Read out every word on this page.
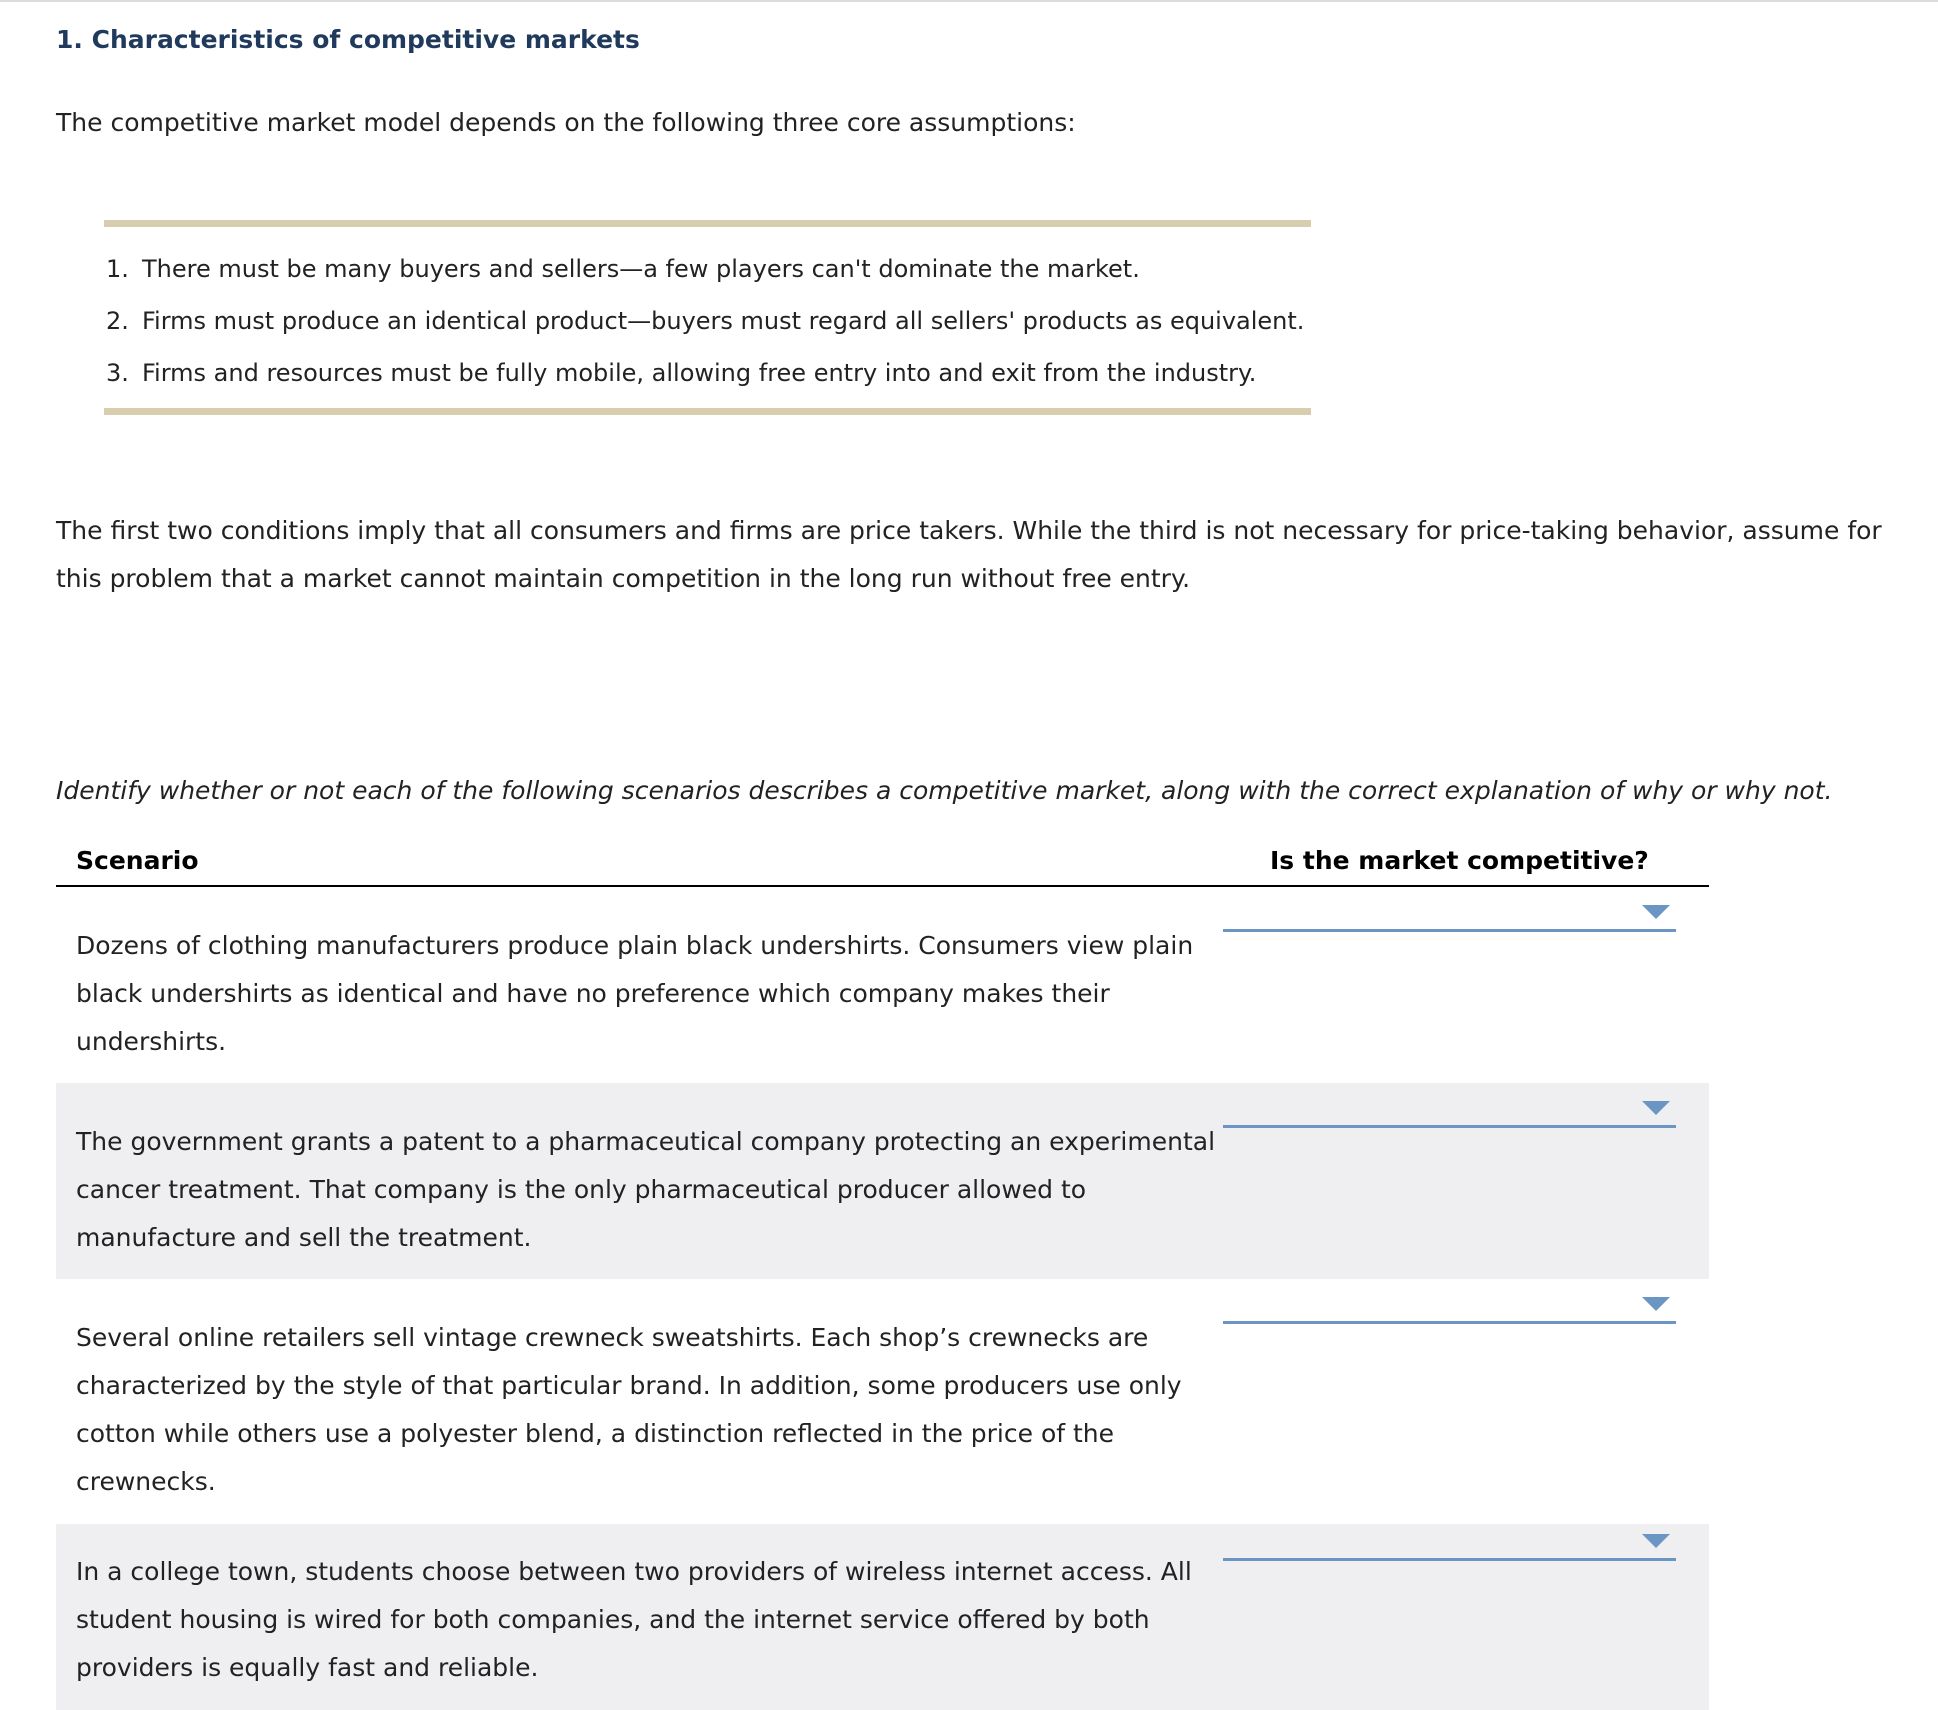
1. Characteristics of competitive markets

The competitive market model depends on the following three core assumptions:

1. There must be many buyers and sellers—a few players can't dominate the market.
2. Firms must produce an identical product—buyers must regard all sellers' products as equivalent.
3. Firms and resources must be fully mobile, allowing free entry into and exit from the industry.

The first two conditions imply that all consumers and firms are price takers. While the third is not necessary for price-taking behavior, assume for this problem that a market cannot maintain competition in the long run without free entry.

Identify whether or not each of the following scenarios describes a competitive market, along with the correct explanation of why or why not.

Scenario	Is the market competitive?
Dozens of clothing manufacturers produce plain black undershirts. Consumers view plain black undershirts as identical and have no preference which company makes their undershirts.
The government grants a patent to a pharmaceutical company protecting an experimental cancer treatment. That company is the only pharmaceutical producer allowed to manufacture and sell the treatment.
Several online retailers sell vintage crewneck sweatshirts. Each shop’s crewnecks are characterized by the style of that particular brand. In addition, some producers use only cotton while others use a polyester blend, a distinction reflected in the price of the crewnecks.
In a college town, students choose between two providers of wireless internet access. All student housing is wired for both companies, and the internet service offered by both providers is equally fast and reliable.
